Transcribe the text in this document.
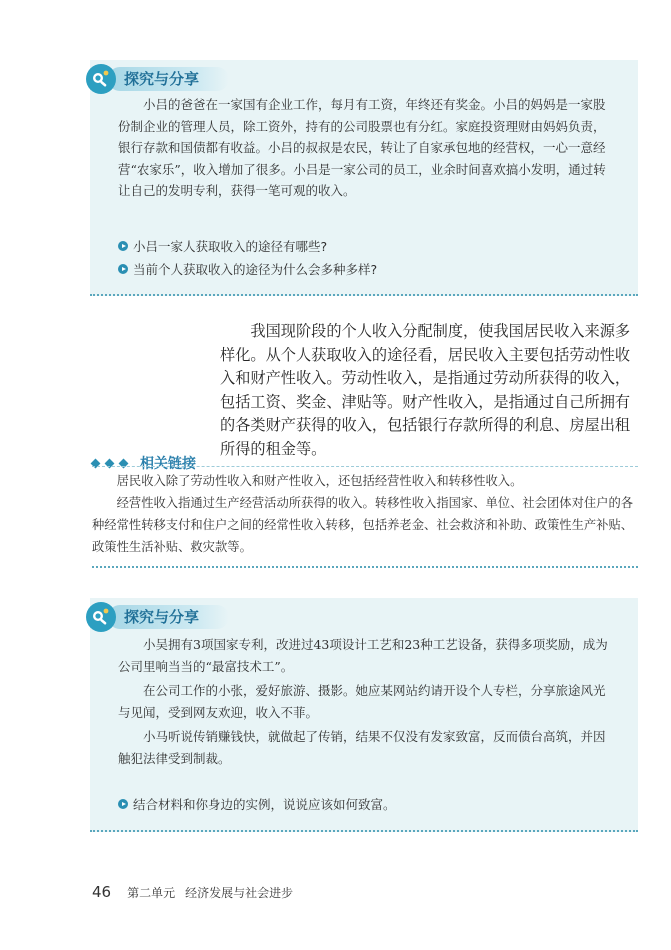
探究与分享

小吕的爸爸在一家国有企业工作，每月有工资，年终还有奖金。小吕的妈妈是一家股份制企业的管理人员，除工资外，持有的公司股票也有分红。家庭投资理财由妈妈负责，银行存款和国债都有收益。小吕的叔叔是农民，转让了自家承包地的经营权，一心一意经营“农家乐”，收入增加了很多。小吕是一家公司的员工，业余时间喜欢搞小发明，通过转让自己的发明专利，获得一笔可观的收入。

小吕一家人获取收入的途径有哪些?
当前个人获取收入的途径为什么会多种多样?

我国现阶段的个人收入分配制度，使我国居民收入来源多样化。从个人获取收入的途径看，居民收入主要包括劳动性收入和财产性收入。劳动性收入，是指通过劳动所获得的收入，包括工资、奖金、津贴等。财产性收入，是指通过自己所拥有的各类财产获得的收入，包括银行存款所得的利息、房屋出租所得的租金等。

相关链接

居民收入除了劳动性收入和财产性收入，还包括经营性收入和转移性收入。

经营性收入指通过生产经营活动所获得的收入。转移性收入指国家、单位、社会团体对住户的各种经常性转移支付和住户之间的经常性收入转移，包括养老金、社会救济和补助、政策性生产补贴、政策性生活补贴、救灾款等。

探究与分享

小吴拥有3项国家专利，改进过43项设计工艺和23种工艺设备，获得多项奖励，成为公司里响当当的“最富技术工”。

在公司工作的小张，爱好旅游、摄影。她应某网站约请开设个人专栏，分享旅途风光与见闻，受到网友欢迎，收入不菲。

小马听说传销赚钱快，就做起了传销，结果不仅没有发家致富，反而债台高筑，并因触犯法律受到制裁。

结合材料和你身边的实例，说说应该如何致富。
46 第二单元 经济发展与社会进步
